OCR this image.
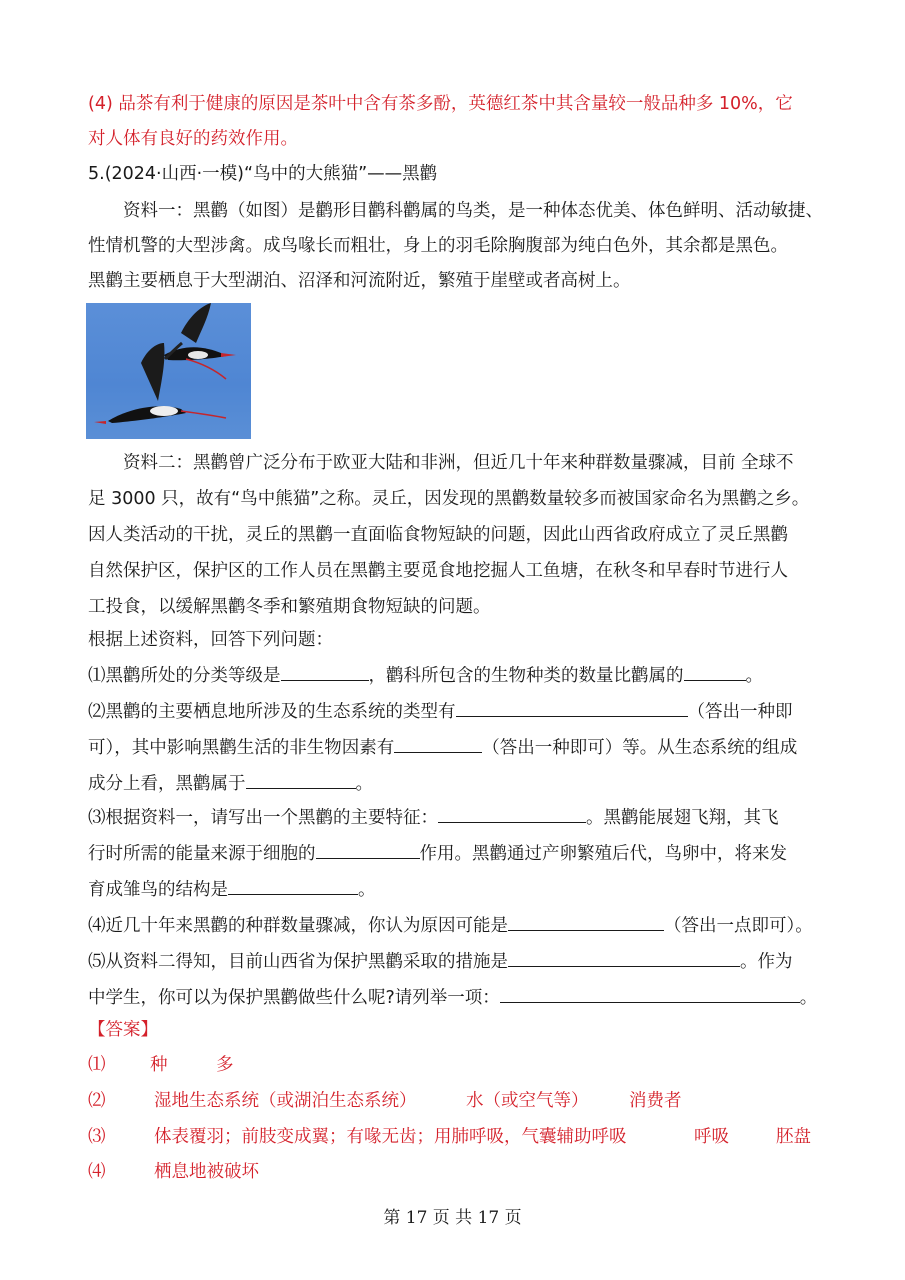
(4) 品茶有利于健康的原因是茶叶中含有茶多酚，英德红茶中其含量较一般品种多 10%，它
对人体有良好的药效作用。
5.(2024·山西·一模)“鸟中的大熊猫”——黑鹳
资料一：黑鹳（如图）是鹳形目鹳科鹳属的鸟类，是一种体态优美、体色鲜明、活动敏捷、
性情机警的大型涉禽。成鸟喙长而粗壮，身上的羽毛除胸腹部为纯白色外，其余都是黑色。
黑鹳主要栖息于大型湖泊、沼泽和河流附近，繁殖于崖壁或者高树上。
资料二：黑鹳曾广泛分布于欧亚大陆和非洲，但近几十年来种群数量骤减，目前 全球不
足 3000 只，故有“鸟中熊猫”之称。灵丘，因发现的黑鹳数量较多而被国家命名为黑鹳之乡。
因人类活动的干扰，灵丘的黑鹳一直面临食物短缺的问题，因此山西省政府成立了灵丘黑鹳
自然保护区，保护区的工作人员在黑鹳主要觅食地挖掘人工鱼塘，在秋冬和早春时节进行人
工投食，以缓解黑鹳冬季和繁殖期食物短缺的问题。
根据上述资料，回答下列问题：
⑴黑鹳所处的分类等级是	，鹳科所包含的生物种类的数量比鹳属的	。
⑵黑鹳的主要栖息地所涉及的生态系统的类型有	（答出一种即
可），其中影响黑鹳生活的非生物因素有	（答出一种即可）等。从生态系统的组成
成分上看，黑鹳属于	。
⑶根据资料一，请写出一个黑鹳的主要特征：	。黑鹳能展翅飞翔，其飞
行时所需的能量来源于细胞的	作用。黑鹳通过产卵繁殖后代，鸟卵中，将来发
育成雏鸟的结构是	。
⑷近几十年来黑鹳的种群数量骤减，你认为原因可能是	（答出一点即可）。
⑸从资料二得知，目前山西省为保护黑鹳采取的措施是	。作为
中学生，你可以为保护黑鹳做些什么呢?请列举一项：	。
【答案】
⑴	种	多
⑵	湿地生态系统（或湖泊生态系统）	水（或空气等） 消费者
⑶	体表覆羽；前肢变成翼；有喙无齿；用肺呼吸，气囊辅助呼吸	呼吸	胚盘
⑷	栖息地被破坏
第 17 页 共 17 页
